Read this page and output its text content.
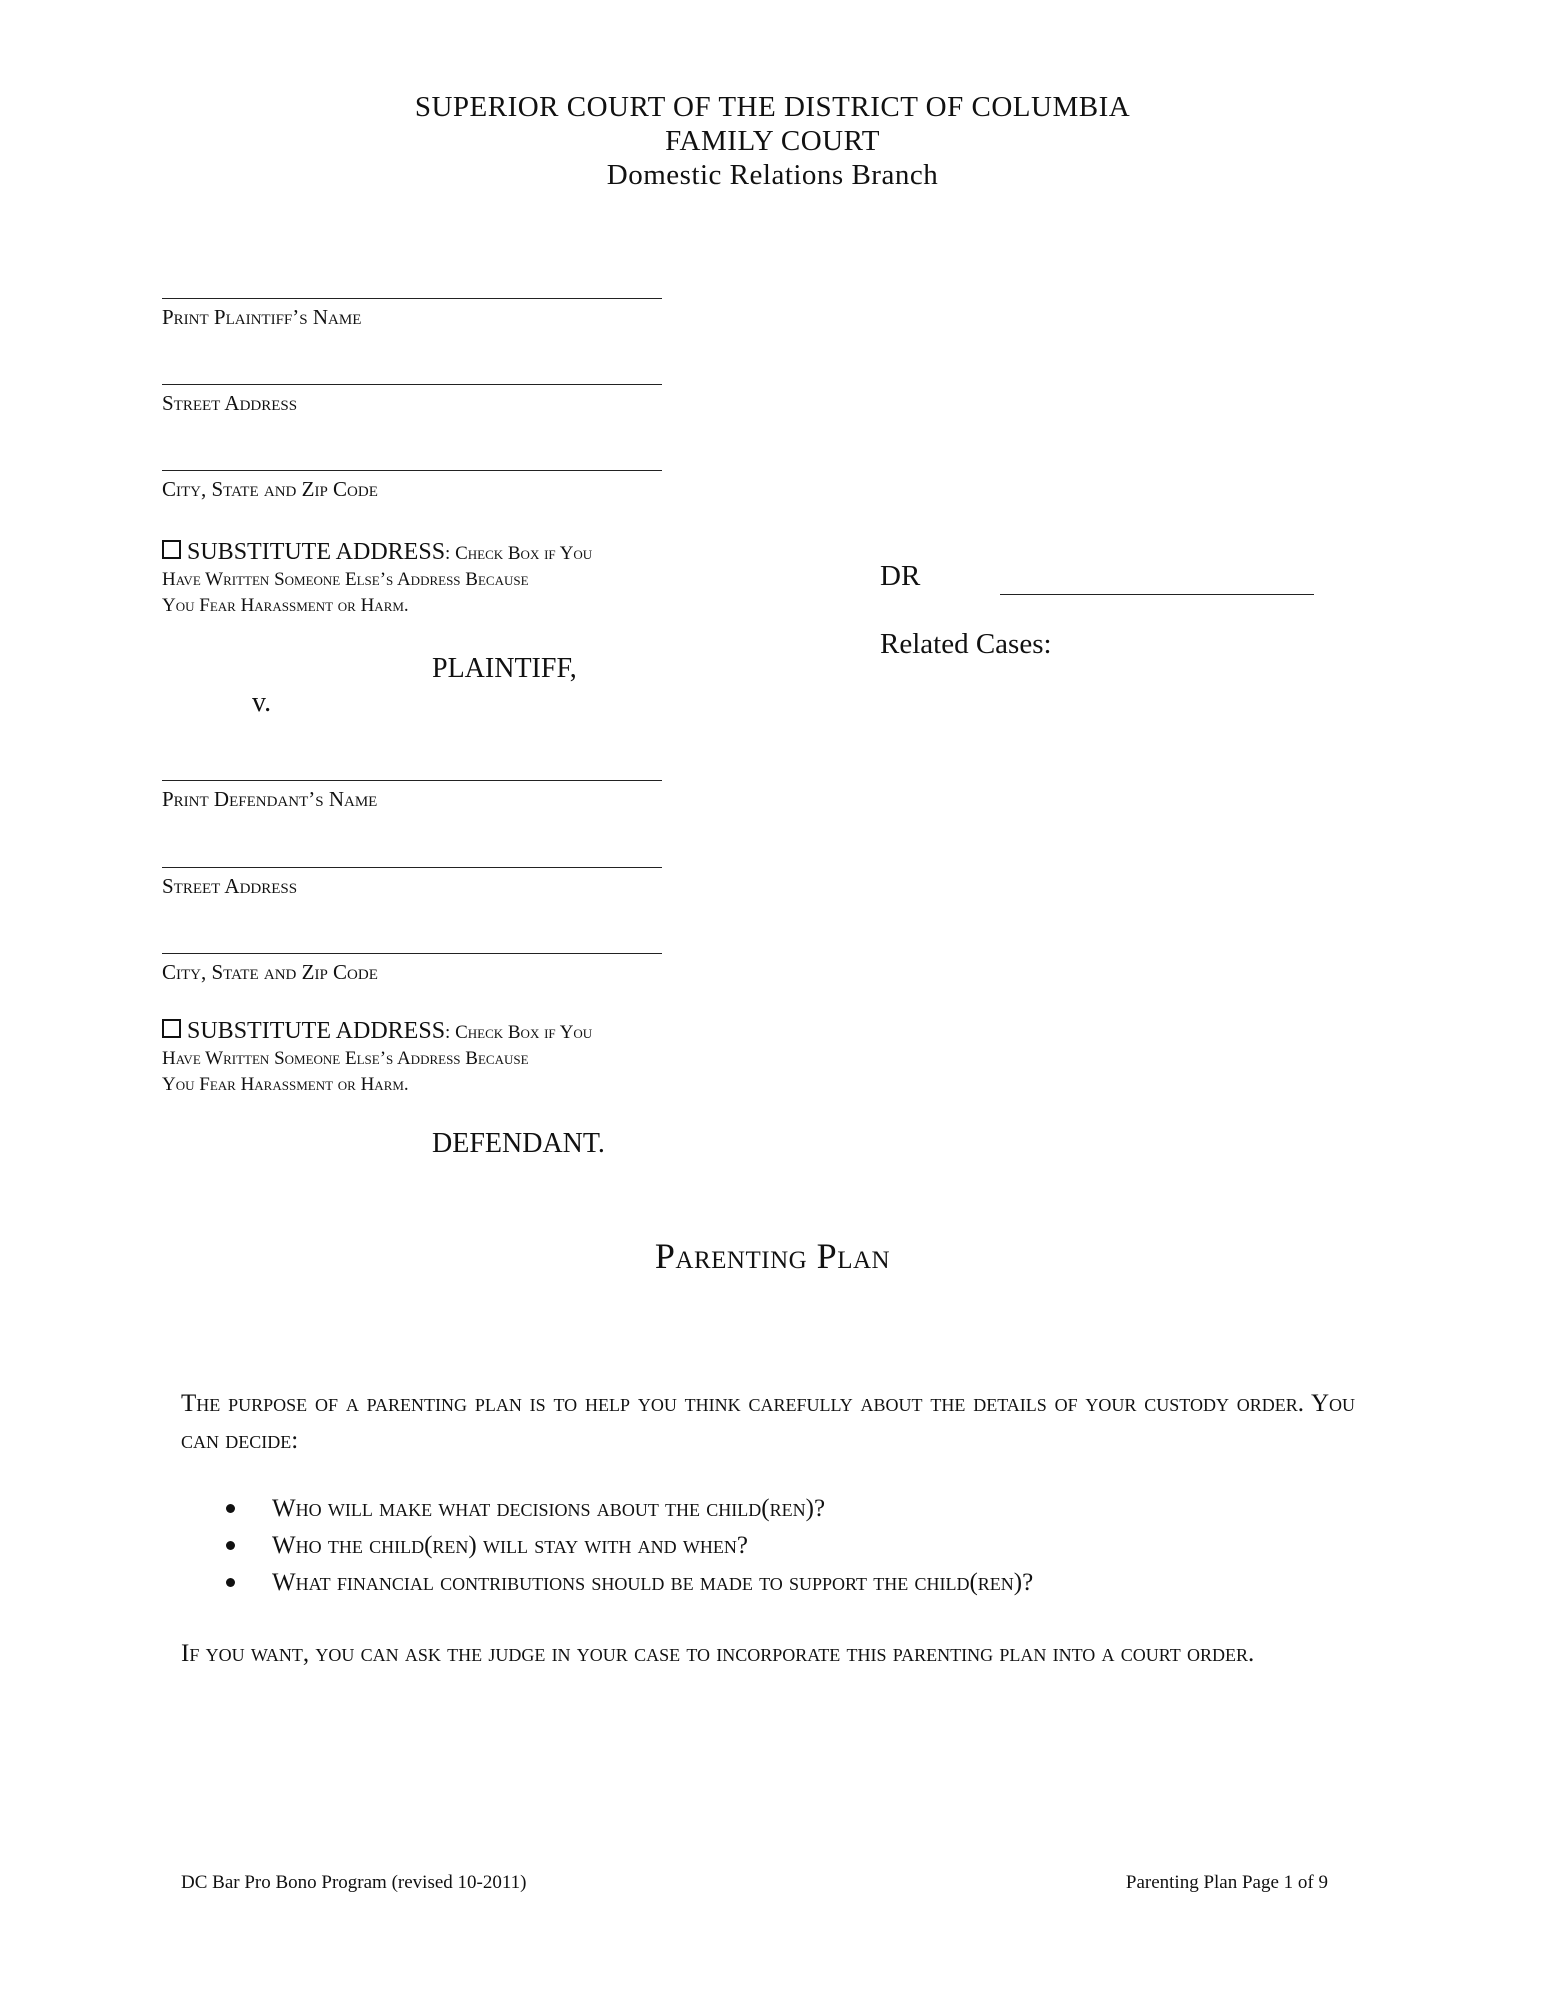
SUPERIOR COURT OF THE DISTRICT OF COLUMBIA
FAMILY COURT
Domestic Relations Branch
Print Plaintiff’s Name
Street Address
City, State and Zip Code
SUBSTITUTE ADDRESS: Check Box if You
Have Written Someone Else’s Address Because
You Fear Harassment or Harm.
PLAINTIFF,
v.
Print Defendant’s Name
Street Address
City, State and Zip Code
SUBSTITUTE ADDRESS: Check Box if You
Have Written Someone Else’s Address Because
You Fear Harassment or Harm.
DEFENDANT.
DR
Related Cases:
Parenting Plan

The purpose of a parenting plan is to help you think carefully about the details of your custody order. You can decide:

Who will make what decisions about the child(ren)?
Who the child(ren) will stay with and when?
What financial contributions should be made to support the child(ren)?

If you want, you can ask the judge in your case to incorporate this parenting plan into a court order.

DC Bar Pro Bono Program (revised 10-2011)	Parenting Plan Page 1 of 9
